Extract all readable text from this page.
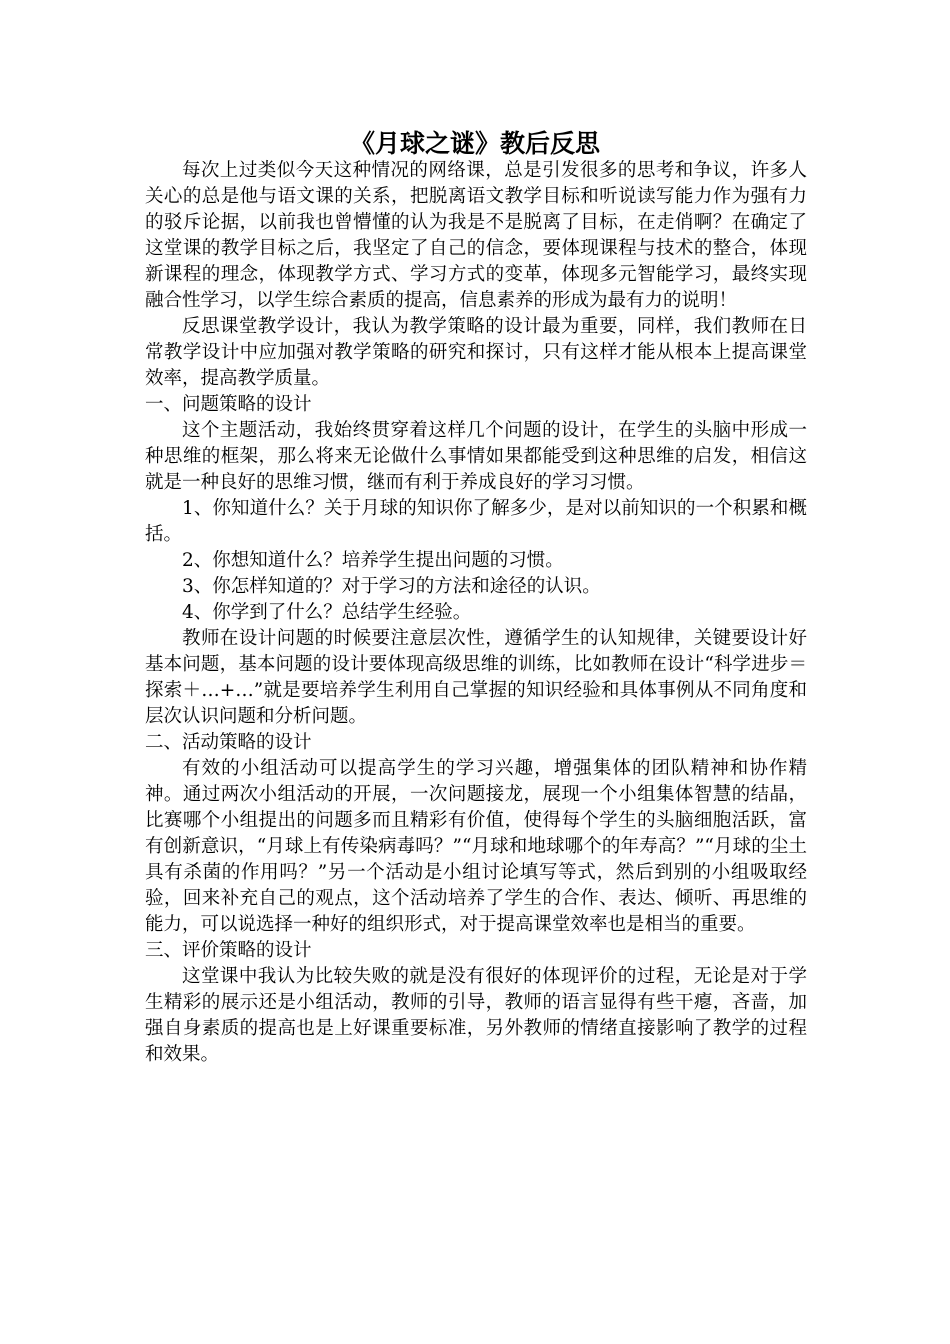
《月球之谜》教后反思

每次上过类似今天这种情况的网络课，总是引发很多的思考和争议，许多人关心的总是他与语文课的关系，把脱离语文教学目标和听说读写能力作为强有力的驳斥论据，以前我也曾懵懂的认为我是不是脱离了目标，在走俏啊？在确定了这堂课的教学目标之后，我坚定了自己的信念，要体现课程与技术的整合，体现新课程的理念，体现教学方式、学习方式的变革，体现多元智能学习，最终实现融合性学习，以学生综合素质的提高，信息素养的形成为最有力的说明！

反思课堂教学设计，我认为教学策略的设计最为重要，同样，我们教师在日常教学设计中应加强对教学策略的研究和探讨，只有这样才能从根本上提高课堂效率，提高教学质量。

一、问题策略的设计

这个主题活动，我始终贯穿着这样几个问题的设计，在学生的头脑中形成一种思维的框架，那么将来无论做什么事情如果都能受到这种思维的启发，相信这就是一种良好的思维习惯，继而有利于养成良好的学习习惯。

1、你知道什么？关于月球的知识你了解多少，是对以前知识的一个积累和概括。

2、你想知道什么？培养学生提出问题的习惯。

3、你怎样知道的？对于学习的方法和途径的认识。

4、你学到了什么？总结学生经验。

教师在设计问题的时候要注意层次性，遵循学生的认知规律，关键要设计好基本问题，基本问题的设计要体现高级思维的训练，比如教师在设计“科学进步＝探索＋…+…”就是要培养学生利用自己掌握的知识经验和具体事例从不同角度和层次认识问题和分析问题。

二、活动策略的设计

有效的小组活动可以提高学生的学习兴趣，增强集体的团队精神和协作精神。通过两次小组活动的开展，一次问题接龙，展现一个小组集体智慧的结晶，比赛哪个小组提出的问题多而且精彩有价值，使得每个学生的头脑细胞活跃，富有创新意识，“月球上有传染病毒吗？”“月球和地球哪个的年寿高？”“月球的尘土具有杀菌的作用吗？”另一个活动是小组讨论填写等式，然后到别的小组吸取经验，回来补充自己的观点，这个活动培养了学生的合作、表达、倾听、再思维的能力，可以说选择一种好的组织形式，对于提高课堂效率也是相当的重要。

三、评价策略的设计

这堂课中我认为比较失败的就是没有很好的体现评价的过程，无论是对于学生精彩的展示还是小组活动，教师的引导，教师的语言显得有些干瘪，吝啬，加强自身素质的提高也是上好课重要标准，另外教师的情绪直接影响了教学的过程和效果。
